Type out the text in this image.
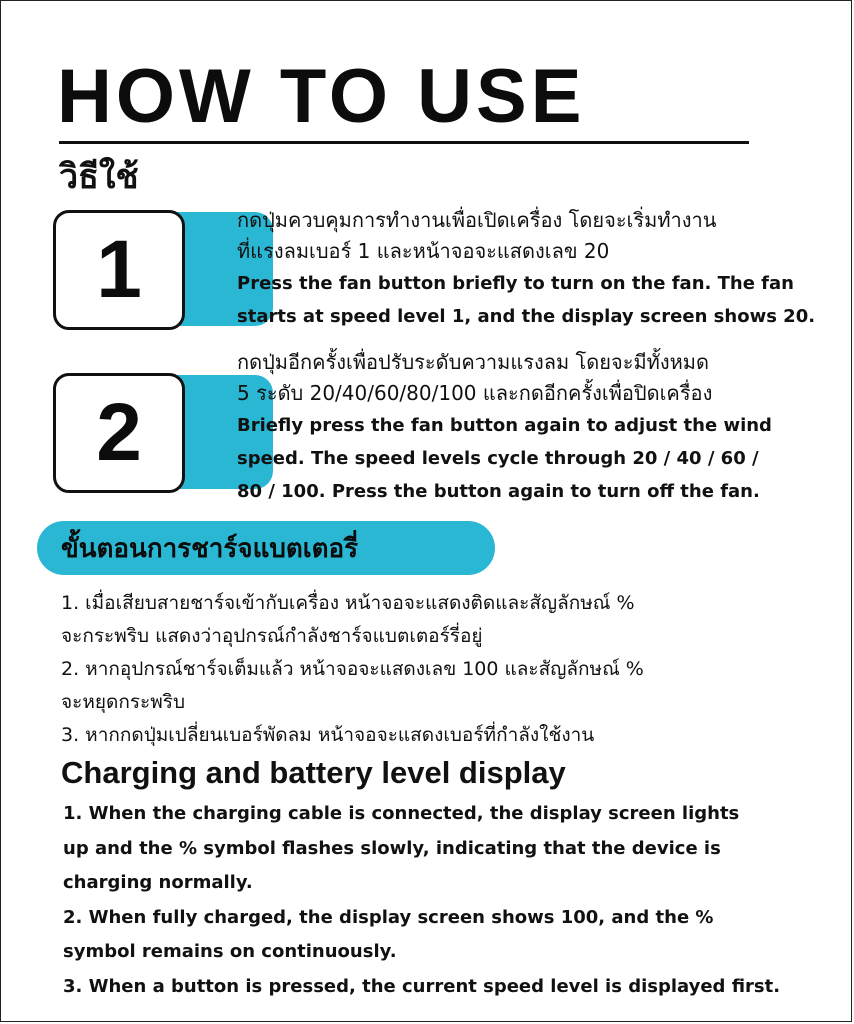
HOW TO USE
วิธีใช้
1

กดปุ่มควบคุมการทำงานเพื่อเปิดเครื่อง โดยจะเริ่มทำงาน

ที่แรงลมเบอร์ 1 และหน้าจอจะแสดงเลข 20

Press the fan button briefly to turn on the fan. The fan

starts at speed level 1, and the display screen shows 20.

2

กดปุ่มอีกครั้งเพื่อปรับระดับความแรงลม โดยจะมีทั้งหมด

5 ระดับ 20/40/60/80/100 และกดอีกครั้งเพื่อปิดเครื่อง

Briefly press the fan button again to adjust the wind

speed. The speed levels cycle through 20 / 40 / 60 /

80 / 100. Press the button again to turn off the fan.

ขั้นตอนการชาร์จแบตเตอรี่
1. เมื่อเสียบสายชาร์จเข้ากับเครื่อง หน้าจอจะแสดงติดและสัญลักษณ์ %
จะกระพริบ แสดงว่าอุปกรณ์กำลังชาร์จแบตเตอร์รี่อยู่
2. หากอุปกรณ์ชาร์จเต็มแล้ว หน้าจอจะแสดงเลข 100 และสัญลักษณ์ %
จะหยุดกระพริบ
3. หากกดปุ่มเปลี่ยนเบอร์พัดลม หน้าจอจะแสดงเบอร์ที่กำลังใช้งาน
Charging and battery level display
1. When the charging cable is connected, the display screen lights
up and the % symbol flashes slowly, indicating that the device is
charging normally.
2. When fully charged, the display screen shows 100, and the %
symbol remains on continuously.
3. When a button is pressed, the current speed level is displayed first.
